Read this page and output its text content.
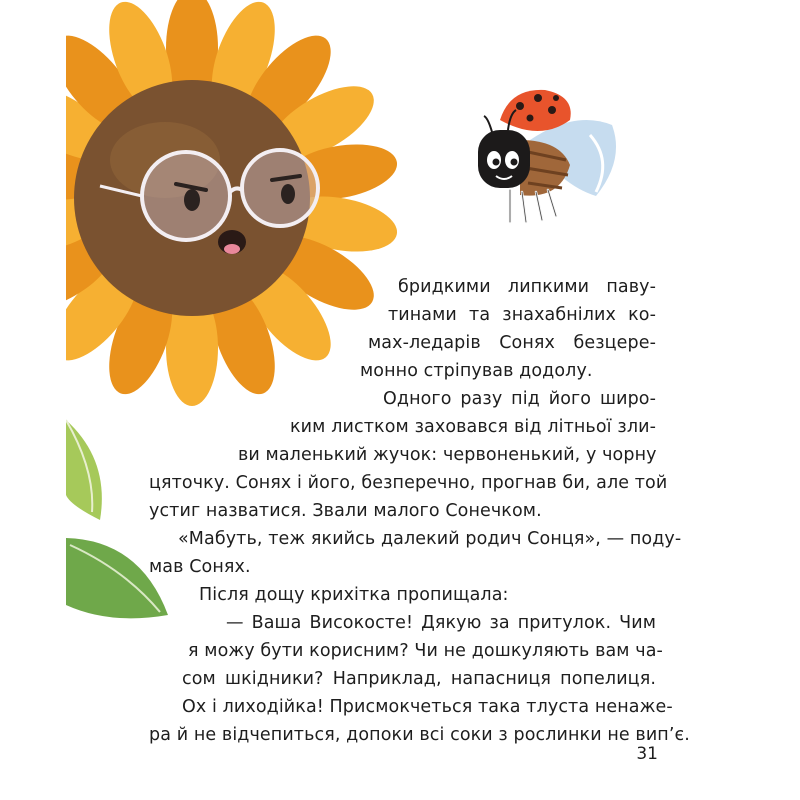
бридкими липкими паву-
тинами та знахабнілих ко-
мах-ледарів Сонях безцере-
монно стріпував додолу.
Одного разу під його широ-
ким листком заховався від літньої зли-
ви маленький жучок: червоненький, у чорну
цяточку. Сонях і його, безперечно, прогнав би, але той
устиг назватися. Звали малого Сонечком.
«Мабуть, теж якийсь далекий родич Сонця», — поду-
мав Сонях.
Після дощу крихітка пропищала:
— Ваша Високосте! Дякую за притулок. Чим
я можу бути корисним? Чи не дошкуляють вам ча-
сом шкідники? Наприклад, напасниця попелиця.
Ох і лиходійка! Присмокчеться така тлуста ненаже-
ра й не відчепиться, допоки всі соки з рослинки не вип’є.
31
